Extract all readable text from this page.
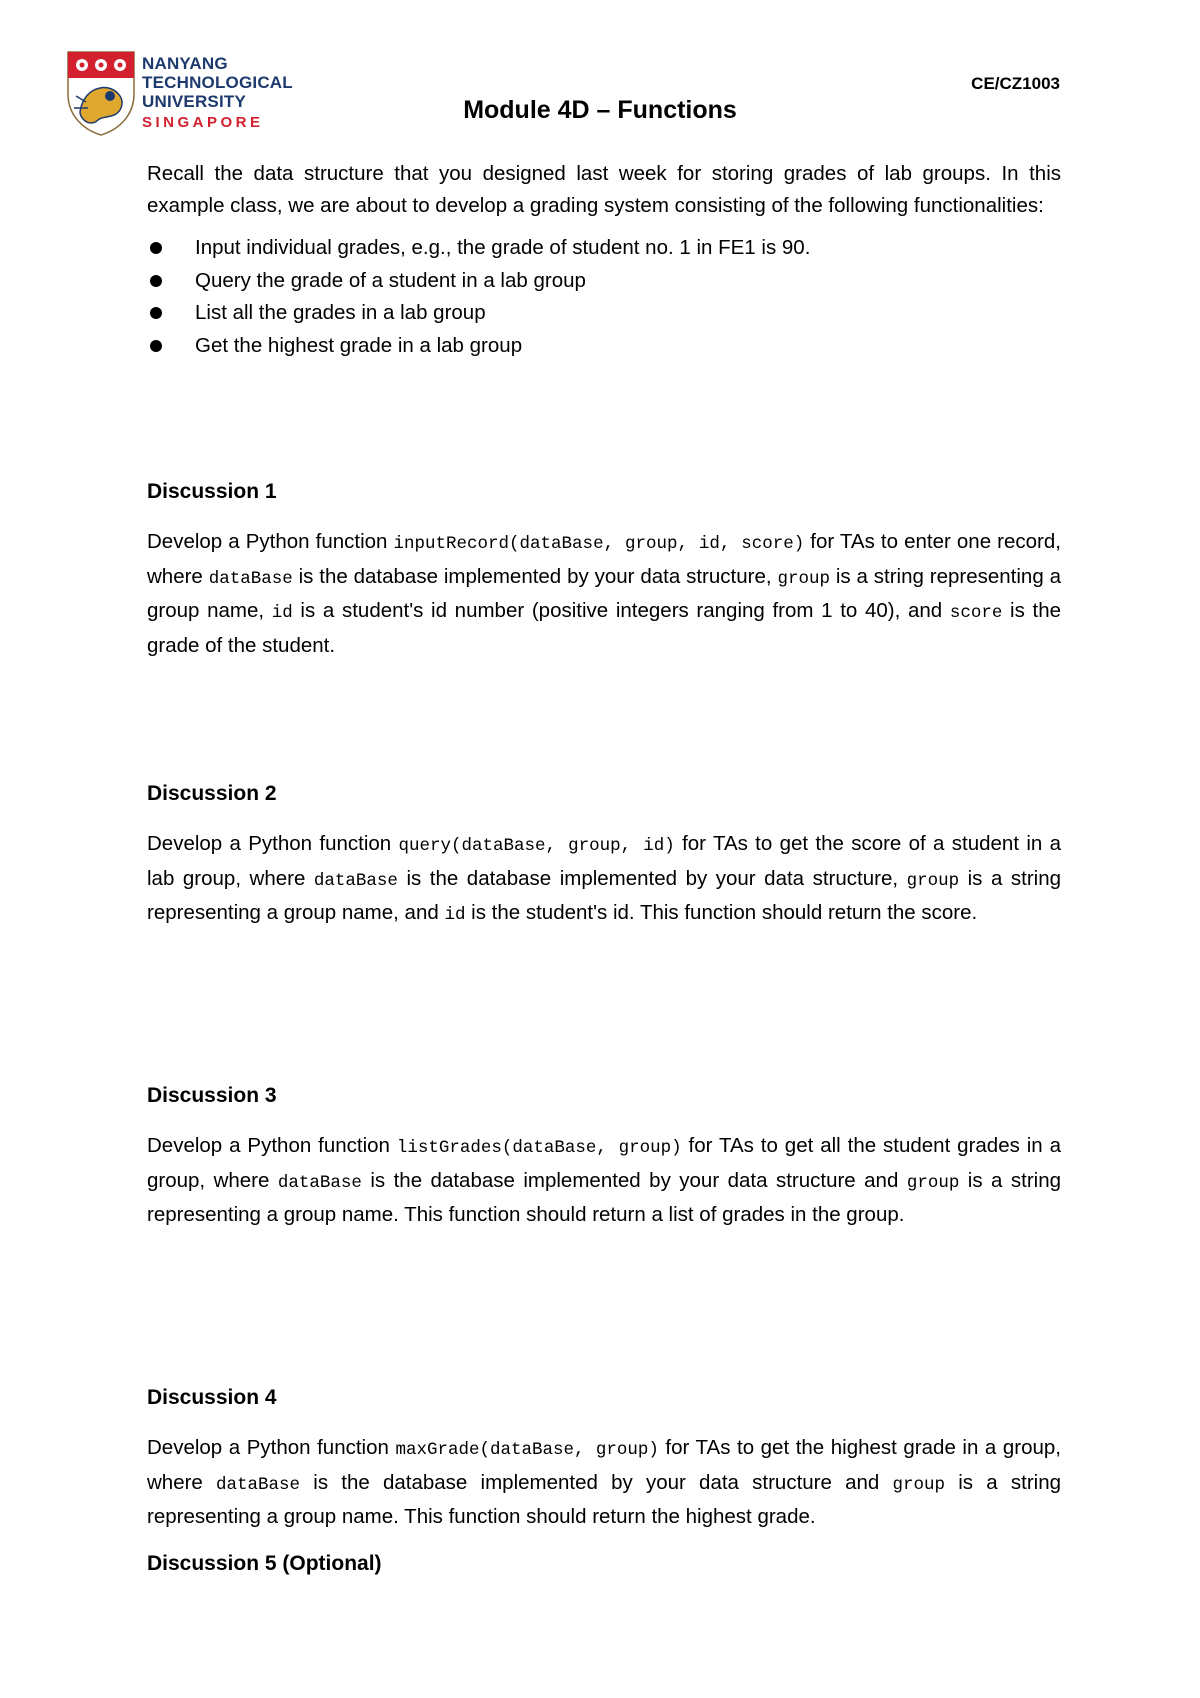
NANYANG
TECHNOLOGICAL
UNIVERSITY
SINGAPORE
CE/CZ1003
Module 4D – Functions

Recall the data structure that you designed last week for storing grades of lab groups. In this example class, we are about to develop a grading system consisting of the following functionalities:

Input individual grades, e.g., the grade of student no. 1 in FE1 is 90.
Query the grade of a student in a lab group
List all the grades in a lab group
Get the highest grade in a lab group

Discussion 1

Develop a Python function inputRecord(dataBase, group, id, score) for TAs to enter one record, where dataBase is the database implemented by your data structure, group is a string representing a group name, id is a student's id number (positive integers ranging from 1 to 40), and score is the grade of the student.

Discussion 2

Develop a Python function query(dataBase, group, id) for TAs to get the score of a student in a lab group, where dataBase is the database implemented by your data structure, group is a string representing a group name, and id is the student's id. This function should return the score.

Discussion 3

Develop a Python function listGrades(dataBase, group) for TAs to get all the student grades in a group, where dataBase is the database implemented by your data structure and group is a string representing a group name. This function should return a list of grades in the group.

Discussion 4

Develop a Python function maxGrade(dataBase, group) for TAs to get the highest grade in a group, where dataBase is the database implemented by your data structure and group is a string representing a group name. This function should return the highest grade.

Discussion 5 (Optional)
